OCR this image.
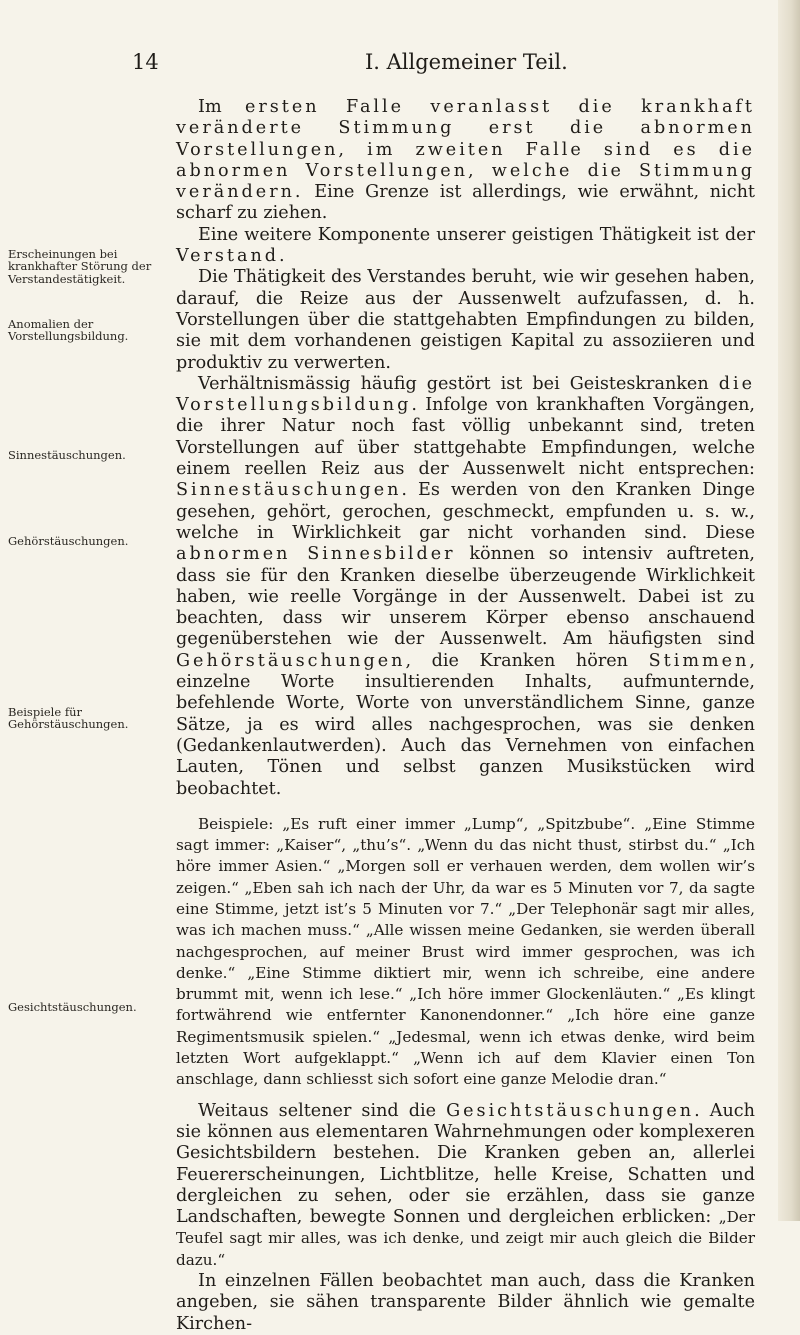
14	I. Allgemeiner Teil.

Erscheinungen bei krankhafter Störung der Verstandestätigkeit.

Anomalien der Vorstellungsbildung.

Sinnestäuschungen.

Gehörstäuschungen.

Beispiele für Gehörstäuschungen.

Gesichtstäuschungen.

Im ersten Falle veranlasst die krankhaft veränderte Stimmung erst die abnormen Vorstellungen, im zweiten Falle sind es die abnormen Vorstellungen, welche die Stimmung verändern. Eine Grenze ist allerdings, wie erwähnt, nicht scharf zu ziehen.

Eine weitere Komponente unserer geistigen Thätigkeit ist der Verstand.

Die Thätigkeit des Verstandes beruht, wie wir gesehen haben, darauf, die Reize aus der Aussenwelt aufzufassen, d. h. Vorstellungen über die stattgehabten Empfindungen zu bilden, sie mit dem vorhandenen geistigen Kapital zu assoziieren und produktiv zu verwerten.

Verhältnismässig häufig gestört ist bei Geisteskranken die Vorstellungsbildung. Infolge von krankhaften Vorgängen, die ihrer Natur noch fast völlig unbekannt sind, treten Vorstellungen auf über stattgehabte Empfindungen, welche einem reellen Reiz aus der Aussenwelt nicht entsprechen: Sinnestäuschungen. Es werden von den Kranken Dinge gesehen, gehört, gerochen, geschmeckt, empfunden u. s. w., welche in Wirklichkeit gar nicht vorhanden sind. Diese abnormen Sinnesbilder können so intensiv auftreten, dass sie für den Kranken dieselbe überzeugende Wirklichkeit haben, wie reelle Vorgänge in der Aussenwelt. Dabei ist zu beachten, dass wir unserem Körper ebenso anschauend gegenüberstehen wie der Aussenwelt. Am häufigsten sind Gehörstäuschungen, die Kranken hören Stimmen, einzelne Worte insultierenden Inhalts, aufmunternde, befehlende Worte, Worte von unverständlichem Sinne, ganze Sätze, ja es wird alles nachgesprochen, was sie denken (Gedankenlautwerden). Auch das Vernehmen von einfachen Lauten, Tönen und selbst ganzen Musikstücken wird beobachtet.

Beispiele: „Es ruft einer immer „Lump“, „Spitzbube“. „Eine Stimme sagt immer: „Kaiser“, „thu’s“. „Wenn du das nicht thust, stirbst du.“ „Ich höre immer Asien.“ „Morgen soll er verhauen werden, dem wollen wir’s zeigen.“ „Eben sah ich nach der Uhr, da war es 5 Minuten vor 7, da sagte eine Stimme, jetzt ist’s 5 Minuten vor 7.“ „Der Telephonär sagt mir alles, was ich machen muss.“ „Alle wissen meine Gedanken, sie werden überall nachgesprochen, auf meiner Brust wird immer gesprochen, was ich denke.“ „Eine Stimme diktiert mir, wenn ich schreibe, eine andere brummt mit, wenn ich lese.“ „Ich höre immer Glockenläuten.“ „Es klingt fortwährend wie entfernter Kanonendonner.“ „Ich höre eine ganze Regimentsmusik spielen.“ „Jedesmal, wenn ich etwas denke, wird beim letzten Wort aufgeklappt.“ „Wenn ich auf dem Klavier einen Ton anschlage, dann schliesst sich sofort eine ganze Melodie dran.“

Weitaus seltener sind die Gesichtstäuschungen. Auch sie können aus elementaren Wahrnehmungen oder komplexeren Gesichtsbildern bestehen. Die Kranken geben an, allerlei Feuererscheinungen, Lichtblitze, helle Kreise, Schatten und dergleichen zu sehen, oder sie erzählen, dass sie ganze Landschaften, bewegte Sonnen und dergleichen erblicken: „Der Teufel sagt mir alles, was ich denke, und zeigt mir auch gleich die Bilder dazu.“

In einzelnen Fällen beobachtet man auch, dass die Kranken angeben, sie sähen transparente Bilder ähnlich wie gemalte Kirchen-
